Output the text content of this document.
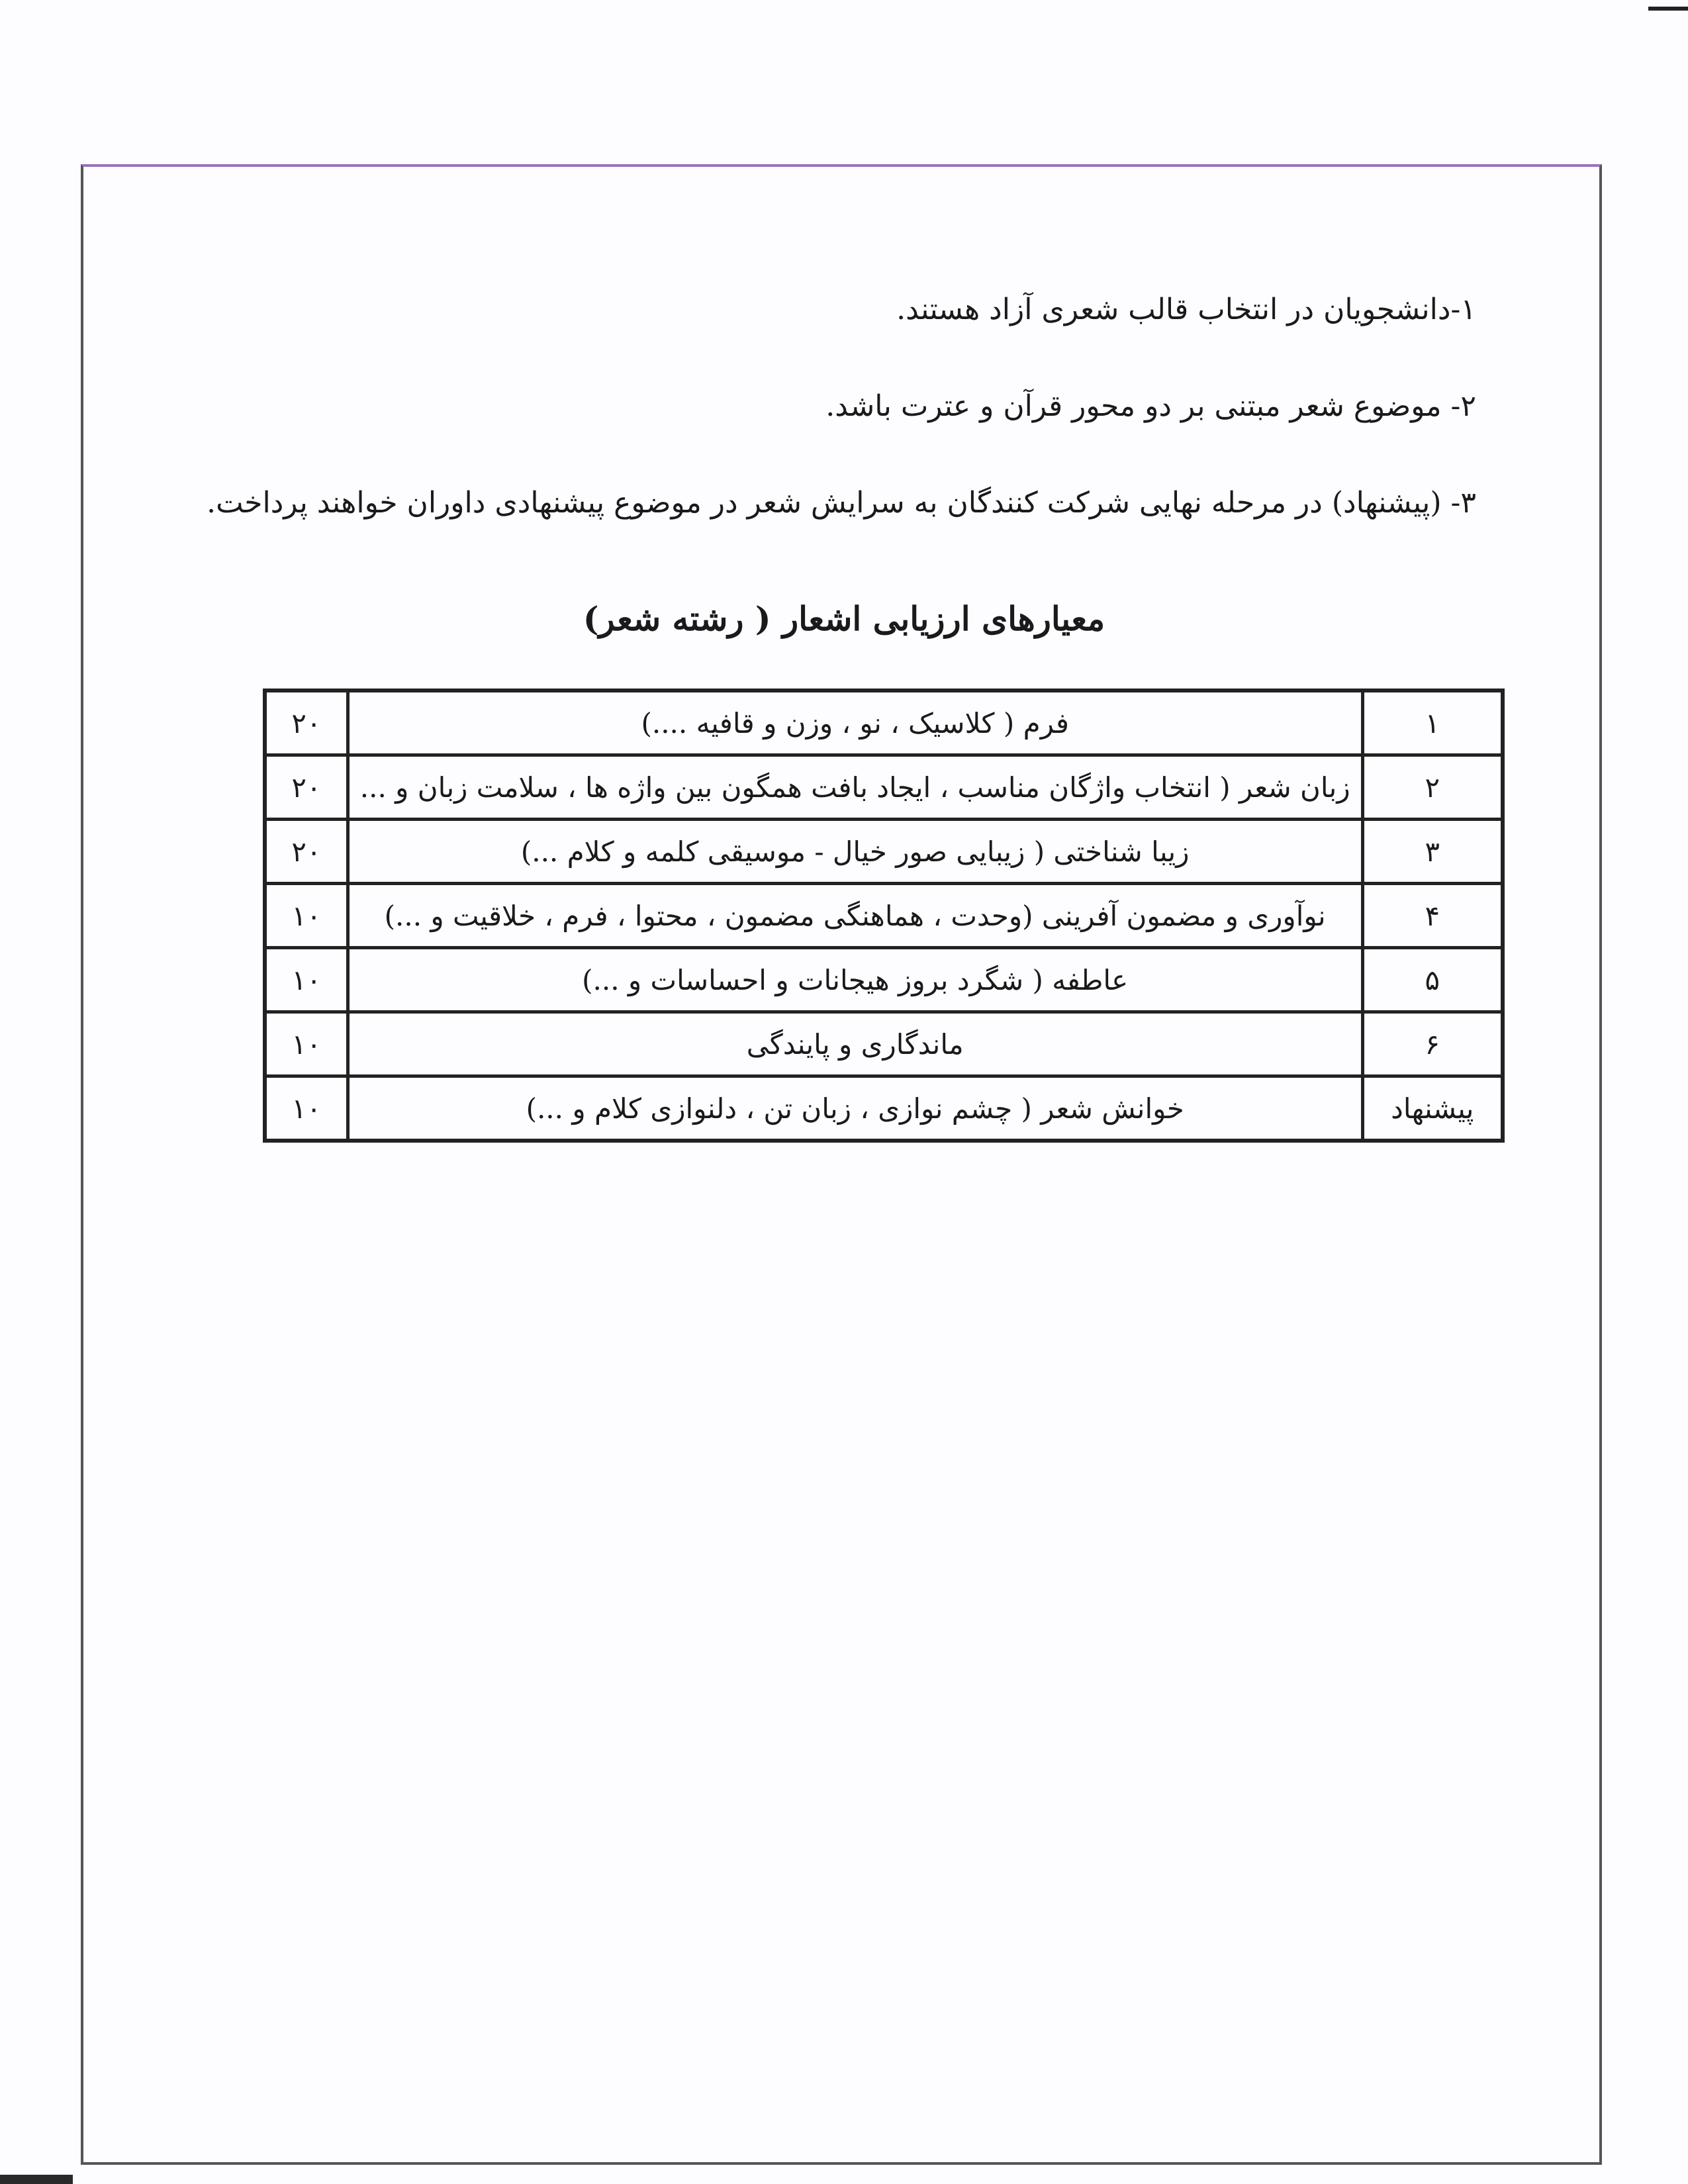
۱-دانشجویان در انتخاب قالب شعری آزاد هستند.
۲- موضوع شعر مبتنی بر دو محور قرآن و عترت باشد.
۳- (پیشنهاد) در مرحله نهایی شرکت کنندگان به سرایش شعر در موضوع پیشنهادی داوران خواهند پرداخت.
معیارهای ارزیابی اشعار ( رشته شعر)
۱	فرم ( کلاسیک ، نو ، وزن و قافیه ....)	۲۰
۲	زبان شعر ( انتخاب واژگان مناسب ، ایجاد بافت همگون بین واژه ها ، سلامت زبان و ...	۲۰
۳	زیبا شناختی ( زیبایی صور خیال - موسیقی کلمه و کلام ...)	۲۰
۴	نوآوری و مضمون آفرینی (وحدت ، هماهنگی مضمون ، محتوا ، فرم ، خلاقیت و ...)	۱۰
۵	عاطفه ( شگرد بروز هیجانات و احساسات و ...)	۱۰
۶	ماندگاری و پایندگی	۱۰
پیشنهاد	خوانش شعر ( چشم نوازی ، زبان تن ، دلنوازی کلام و ...)	۱۰
